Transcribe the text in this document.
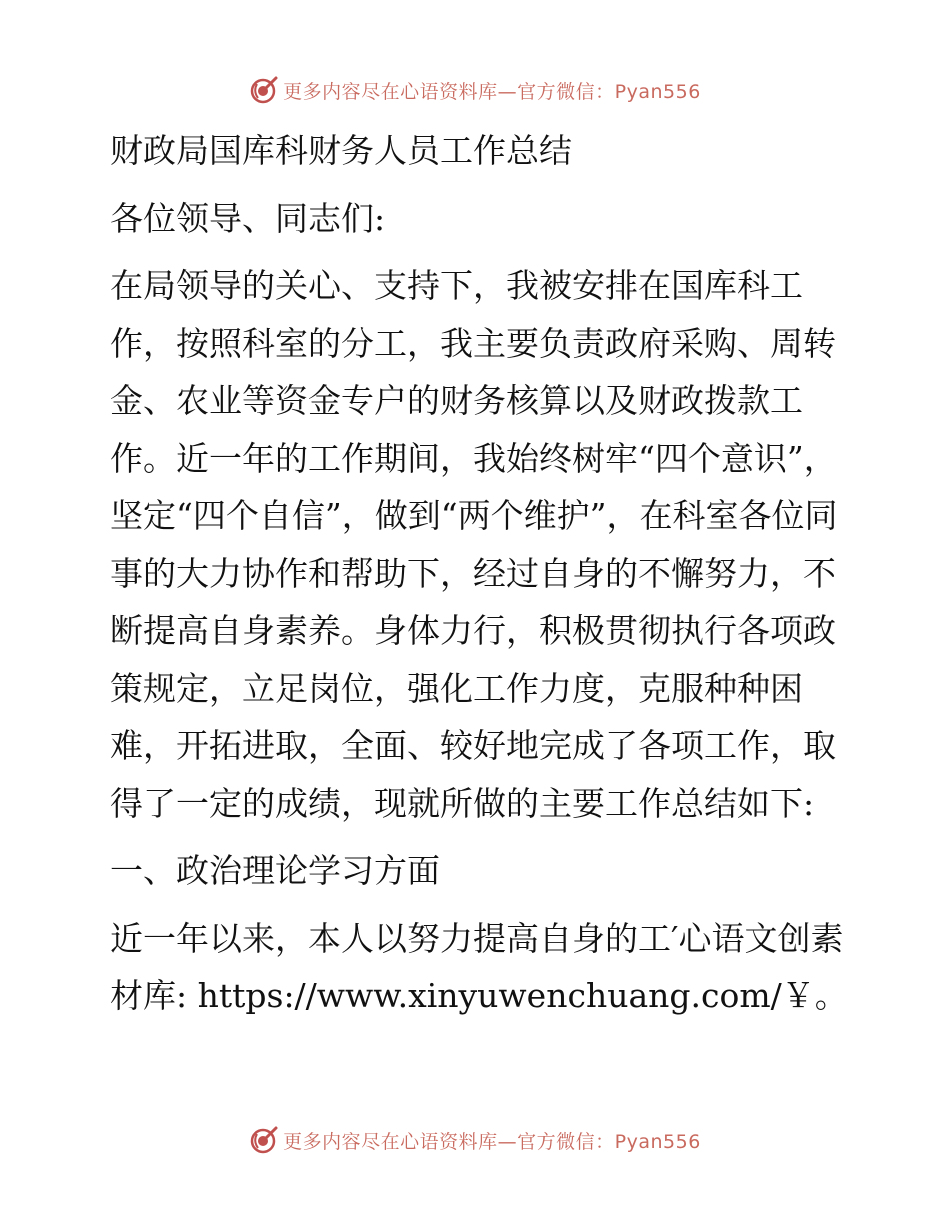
更多内容尽在心语资料库—官方微信：Pyan556

财政局国库科财务人员工作总结

各位领导、同志们:

在局领导的关心、支持下，我被安排在国库科工作，按照科室的分工，我主要负责政府采购、周转金、农业等资金专户的财务核算以及财政拨款工作。近一年的工作期间，我始终树牢“四个意识”，坚定“四个自信”，做到“两个维护”，在科室各位同事的大力协作和帮助下，经过自身的不懈努力，不断提高自身素养。身体力行，积极贯彻执行各项政策规定，立足岗位，强化工作力度，克服种种困难，开拓进取，全面、较好地完成了各项工作，取得了一定的成绩，现就所做的主要工作总结如下:

一、政治理论学习方面

近一年以来，本人以努力提高自身的工′心语文创素材库: https://www.xinyuwenchuang.com/￥。

更多内容尽在心语资料库—官方微信：Pyan556
